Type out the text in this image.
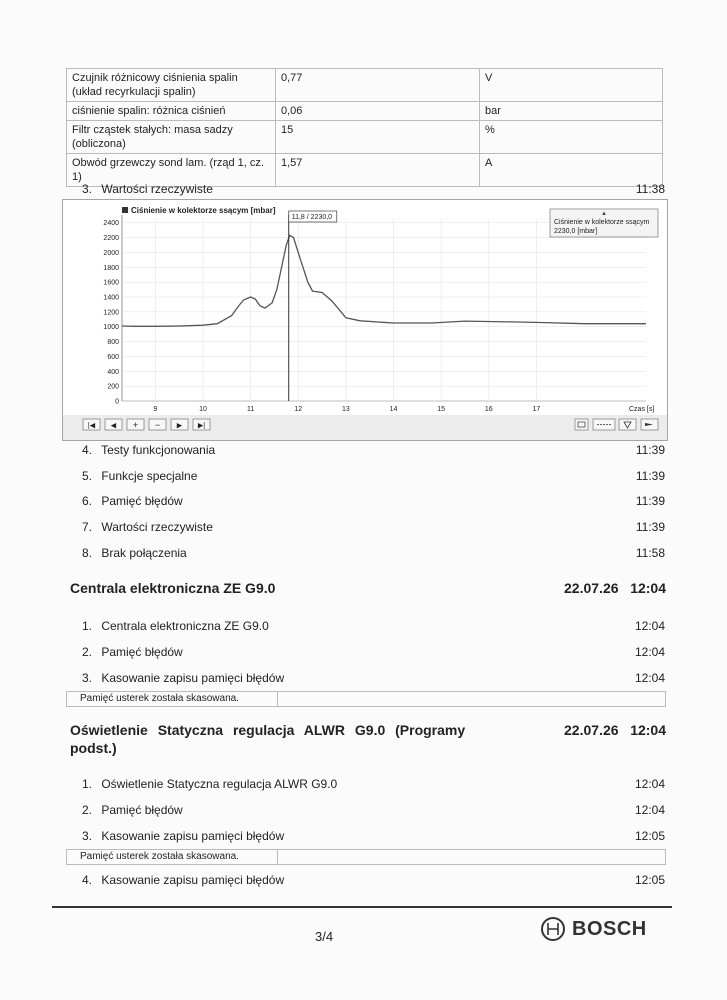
Czujnik różnicowy ciśnienia spalin (układ recyrkulacji spalin)	0,77	V
ciśnienie spalin: różnica ciśnień	0,06	bar
Filtr cząstek stałych: masa sadzy (obliczona)	15	%
Obwód grzewczy sond lam. (rząd 1, cz. 1)	1,57	A
3. Wartości rzeczywiste	11:38
0
200
400
600
800
1000
1200
1400
1600
1800
2000
2200
2400
9	10	11	12	13	14	15	16	17
Ciśnienie w kolektorze ssącym [mbar]
11,8 / 2230,0	▲
Ciśnienie w kolektorze ssącym
2230,0 [mbar]
Czas [s]
|◀ ◀ + − ▶ ▶|
4. Testy funkcjonowania	11:39
5. Funkcje specjalne	11:39
6. Pamięć błędów	11:39
7. Wartości rzeczywiste	11:39
8. Brak połączenia	11:58
Centrala elektroniczna ZE G9.0	22.07.26 12:04
1. Centrala elektroniczna ZE G9.0	12:04
2. Pamięć błędów	12:04
3. Kasowanie zapisu pamięci błędów	12:04
Pamięć usterek została skasowana.
Oświetlenie Statyczna regulacja ALWR G9.0 (Programy
podst.)
22.07.26 12:04
1. Oświetlenie Statyczna regulacja ALWR G9.0	12:04
2. Pamięć błędów	12:04
3. Kasowanie zapisu pamięci błędów	12:05
Pamięć usterek została skasowana.
4. Kasowanie zapisu pamięci błędów	12:05
3/4	BOSCH
